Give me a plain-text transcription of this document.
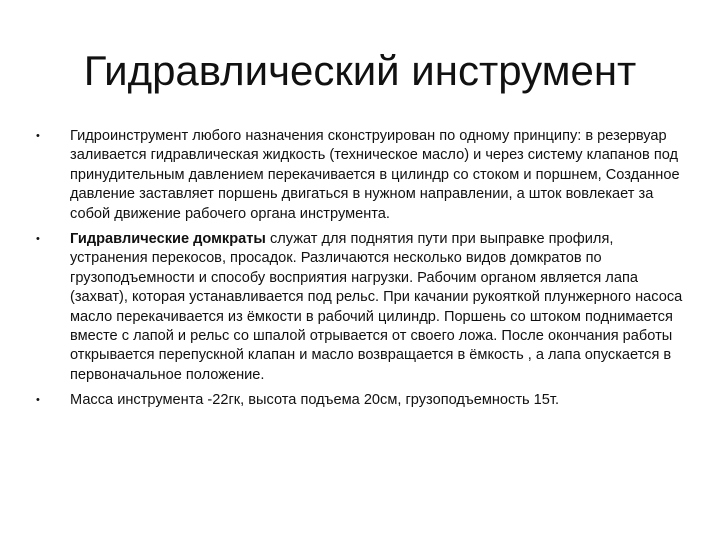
Гидравлический инструмент
• Гидроинструмент любого назначения сконструирован по одному принципу: в резервуар заливается гидравлическая жидкость (техническое масло) и через систему клапанов под принудительным давлением перекачивается в цилиндр со стоком и поршнем, Созданное давление заставляет поршень двигаться в нужном направлении, а шток вовлекает за собой движение рабочего органа инструмента.
• Гидравлические домкраты служат для поднятия пути при выправке профиля, устранения перекосов, просадок. Различаются несколько видов домкратов по грузоподъемности и способу восприятия нагрузки. Рабочим органом является лапа (захват), которая устанавливается под рельс. При качании рукояткой плунжерного насоса масло перекачивается из ёмкости в рабочий цилиндр. Поршень со штоком поднимается вместе с лапой и рельс со шпалой отрывается от своего ложа. После окончания работы открывается перепускной клапан и масло возвращается в ёмкость , а лапа опускается в первоначальное положение.
• Масса инструмента -22гк, высота подъема 20см, грузоподъемность 15т.
